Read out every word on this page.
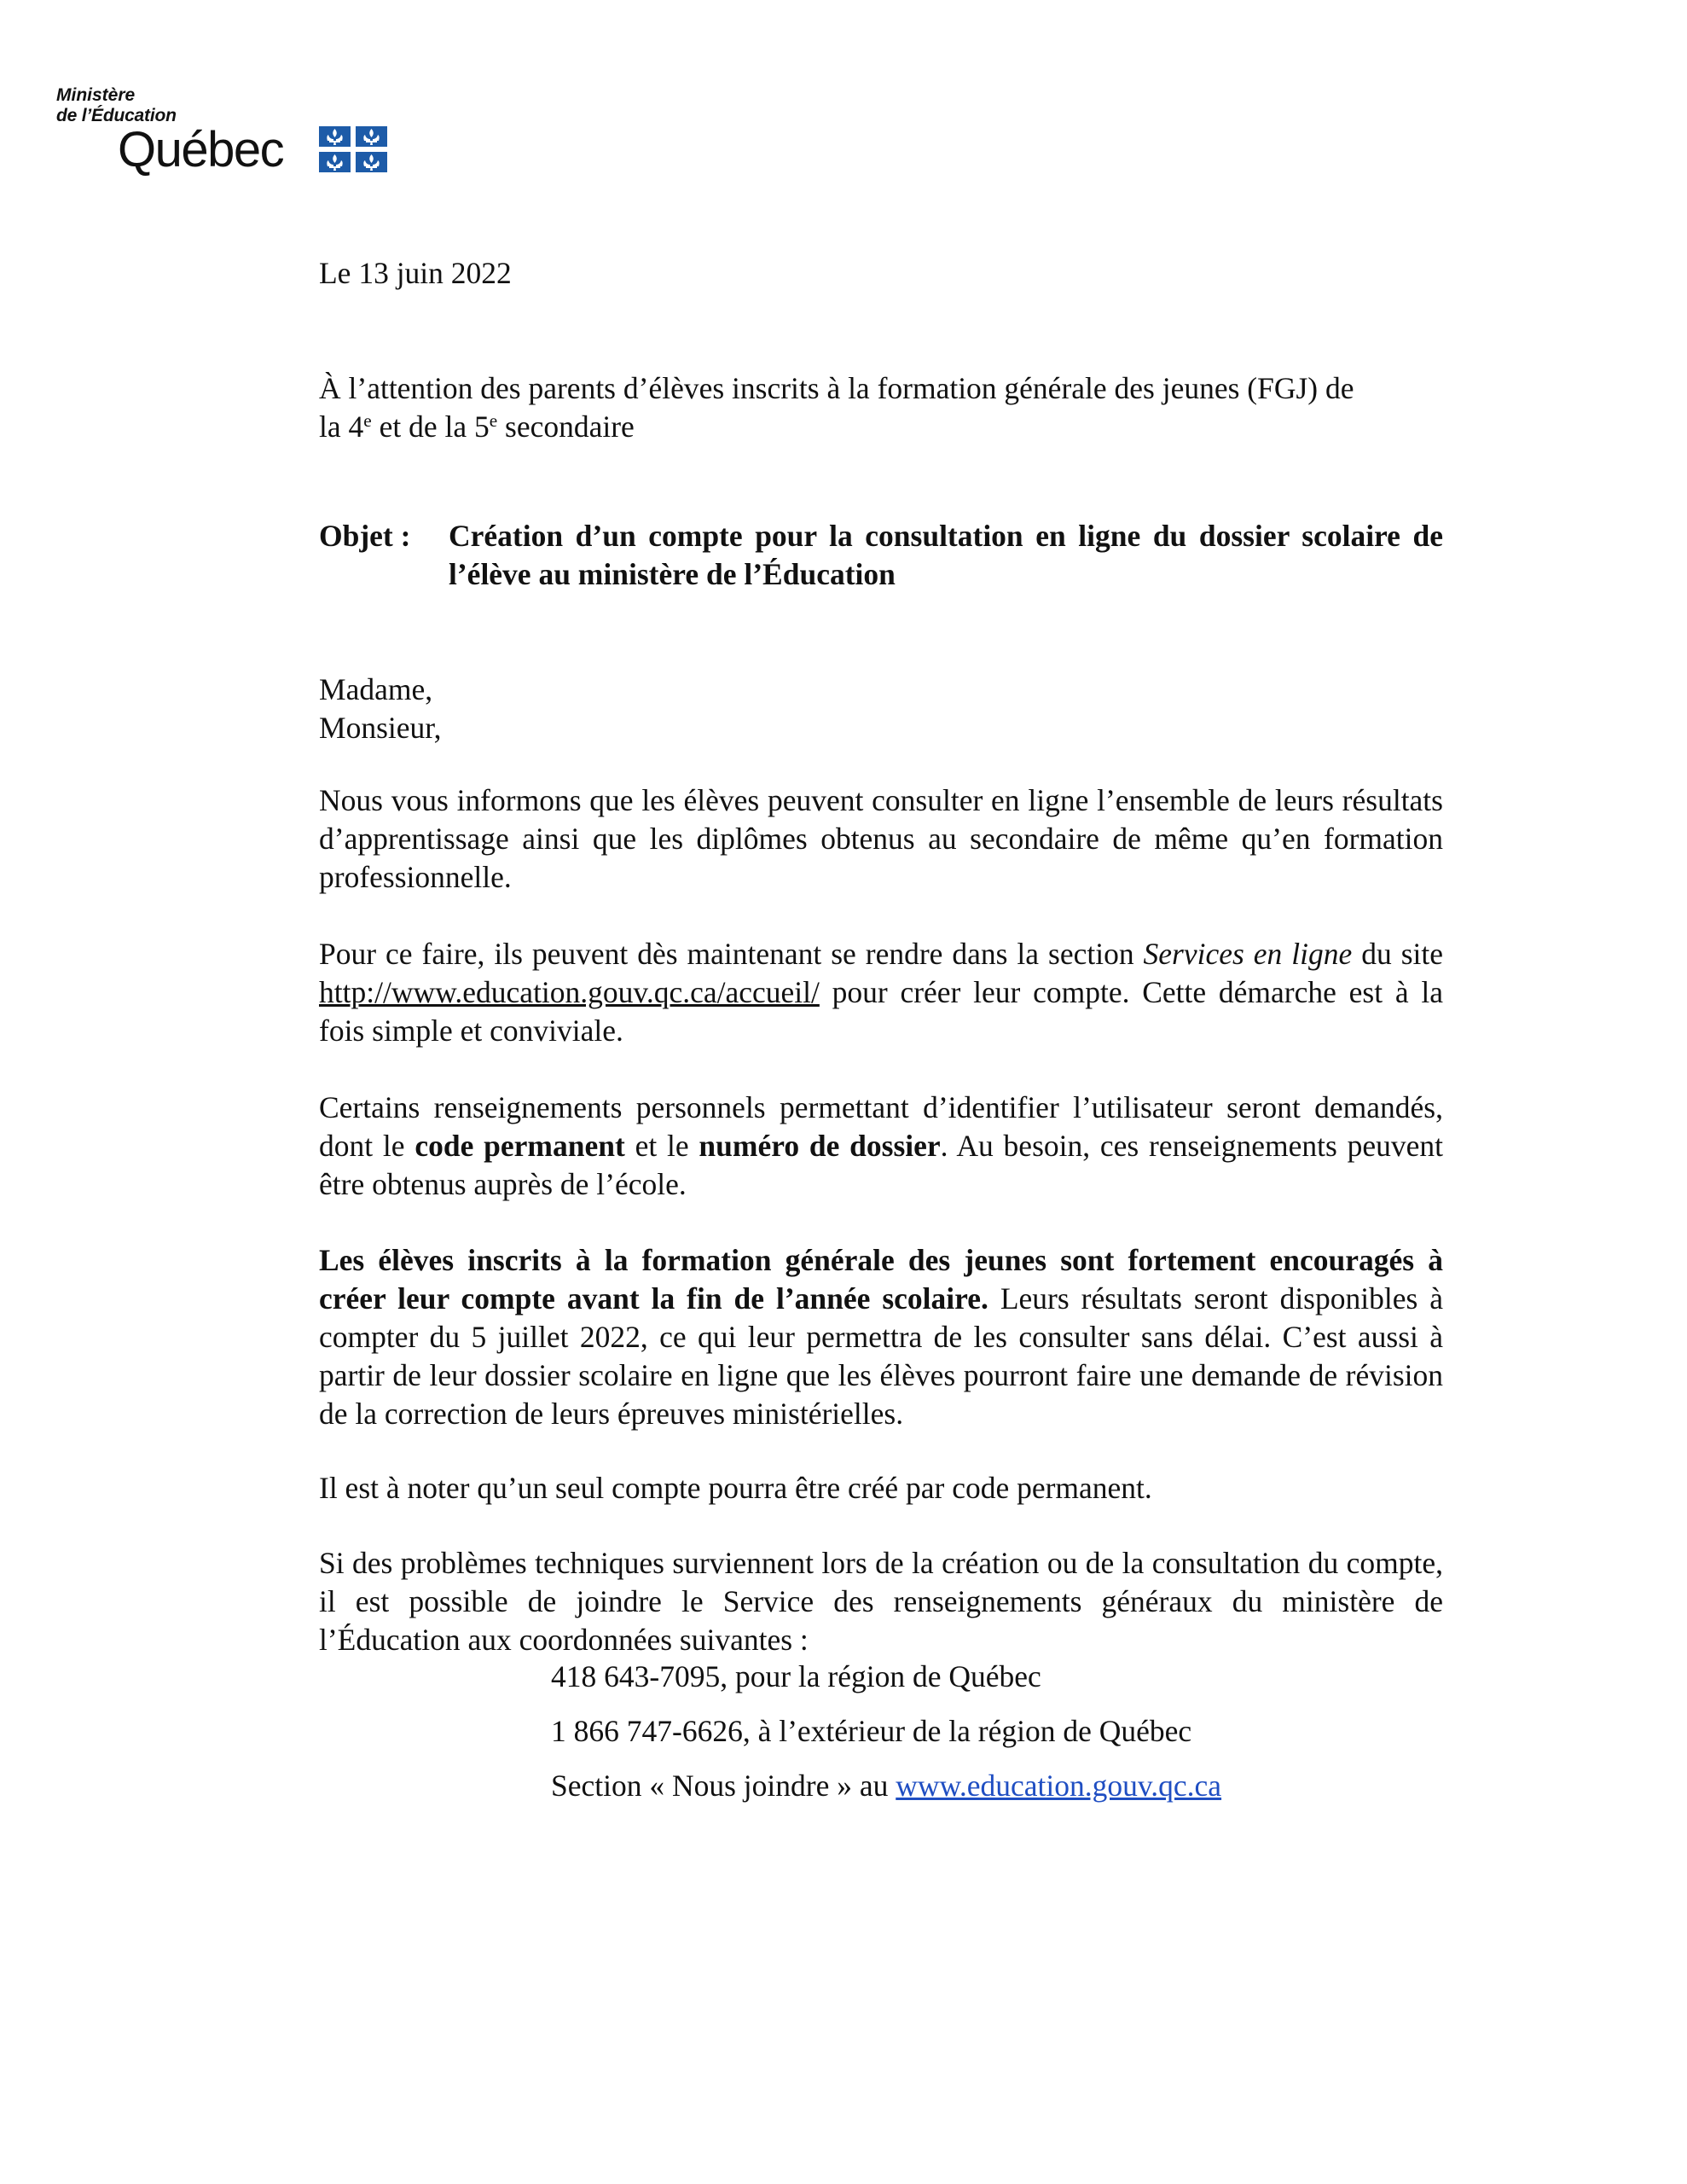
Ministère
de l’Éducation
Québec

Le 13 juin 2022

À l’attention des parents d’élèves inscrits à la formation générale des jeunes (FGJ) de
la 4e et de la 5e secondaire
Objet : Création d’un compte pour la consultation en ligne du dossier scolaire de l’élève au ministère de l’Éducation
Madame,
Monsieur,

Nous vous informons que les élèves peuvent consulter en ligne l’ensemble de leurs résultats d’apprentissage ainsi que les diplômes obtenus au secondaire de même qu’en formation professionnelle.

Pour ce faire, ils peuvent dès maintenant se rendre dans la section Services en ligne du site http://www.education.gouv.qc.ca/accueil/ pour créer leur compte. Cette démarche est à la fois simple et conviviale.

Certains renseignements personnels permettant d’identifier l’utilisateur seront demandés, dont le code permanent et le numéro de dossier. Au besoin, ces renseignements peuvent être obtenus auprès de l’école.

Les élèves inscrits à la formation générale des jeunes sont fortement encouragés à créer leur compte avant la fin de l’année scolaire. Leurs résultats seront disponibles à compter du 5 juillet 2022, ce qui leur permettra de les consulter sans délai. C’est aussi à partir de leur dossier scolaire en ligne que les élèves pourront faire une demande de révision de la correction de leurs épreuves ministérielles.

Il est à noter qu’un seul compte pourra être créé par code permanent.

Si des problèmes techniques surviennent lors de la création ou de la consultation du compte, il est possible de joindre le Service des renseignements généraux du ministère de l’Éducation aux coordonnées suivantes :

418 643-7095, pour la région de Québec

1 866 747-6626, à l’extérieur de la région de Québec

Section « Nous joindre » au www.education.gouv.qc.ca
